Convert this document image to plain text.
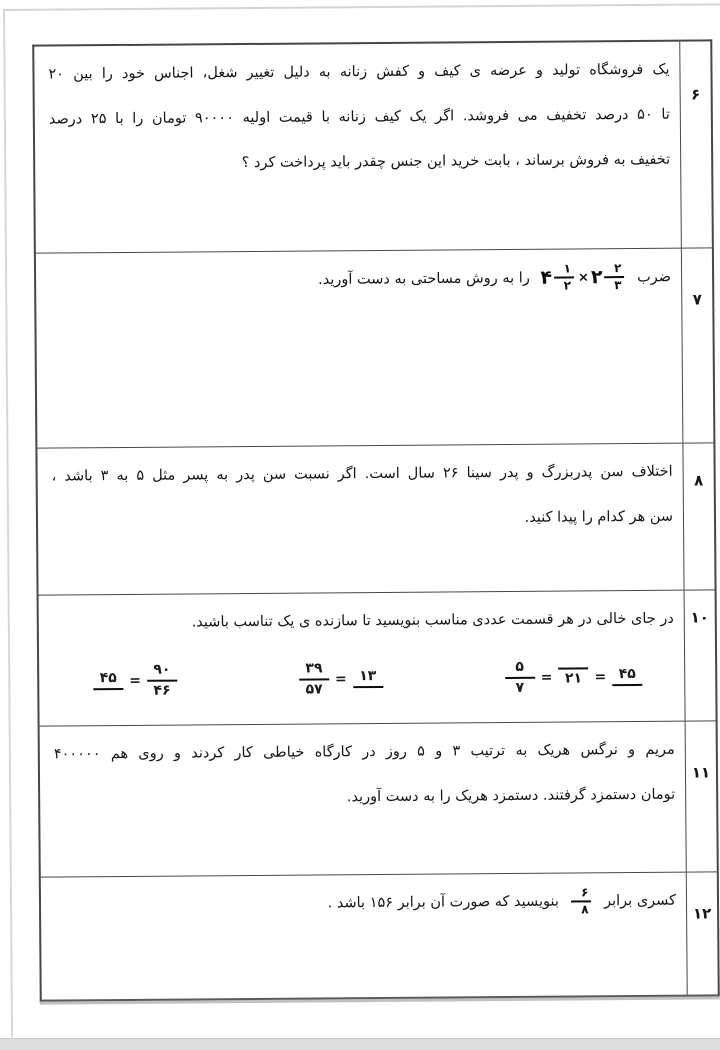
یک فروشگاه تولید و عرضه ی کیف و کفش زنانه به دلیل تغییر شغل، اجناس خود را بین ۲۰
تا ۵۰ درصد تخفیف می فروشد. اگر یک کیف زنانه با قیمت اولیه ۹۰۰۰۰ تومان را با ۲۵ درصد
تخفیف به فروش برساند ، بابت خرید این جنس چقدر باید پرداخت کرد ؟
۶
ضرب
۴ $\frac{۱}{۲}$ × ۲ $\frac{۲}{۳}$
را به روش مساحتی به دست آورید.
۷
اختلاف سن پدربزرگ و پدر سینا ۲۶ سال است. اگر نسبت سن پدر به پسر مثل ۵ به ۳ باشد ،
سن هر کدام را پیدا کنید.
۸
در جای خالی در هر قسمت عددی مناسب بنویسید تا سازنده ی یک تناسب باشید.
$\frac{۵}{۷}$ = ۲۱ = ۴۵
$\frac{۳۹}{۵۷}$ = ۱۳
۴۵ = $\frac{۹۰}{۴۶}$
۱۰
مریم و نرگس هریک به ترتیب ۳ و ۵ روز در کارگاه خیاطی کار کردند و روی هم ۴۰۰۰۰۰
تومان دستمزد گرفتند. دستمزد هریک را به دست آورید.
۱۱
کسری برابر
$\frac{۶}{۸}$
بنویسید که صورت آن برابر ۱۵۶ باشد .
۱۲
